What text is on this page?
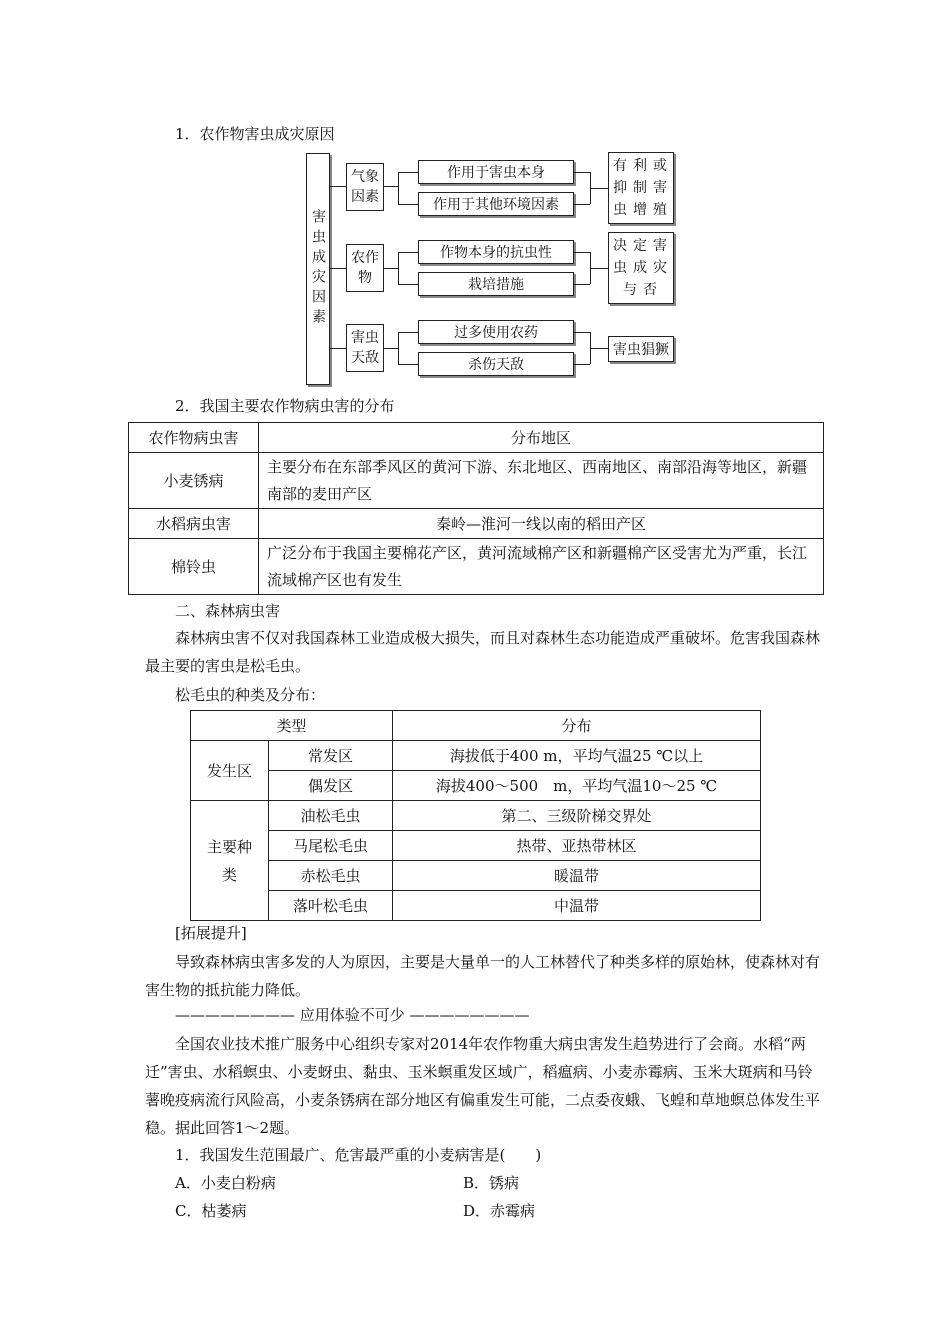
1．农作物害虫成灾原因
害虫成灾因素
气象因素
作用于害虫本身
作用于其他环境因素
有利或抑制害虫增殖
农作物
作物本身的抗虫性
栽培措施
决定害虫成灾与否
害虫天敌
过多使用农药
杀伤天敌
害虫猖獗
2．我国主要农作物病虫害的分布
农作物病虫害	分布地区
小麦锈病	主要分布在东部季风区的黄河下游、东北地区、西南地区、南部沿海等地区，新疆南部的麦田产区
水稻病虫害	秦岭—淮河一线以南的稻田产区
棉铃虫	广泛分布于我国主要棉花产区，黄河流域棉产区和新疆棉产区受害尤为严重，长江流域棉产区也有发生
二、森林病虫害
森林病虫害不仅对我国森林工业造成极大损失，而且对森林生态功能造成严重破坏。危害我国森林最主要的害虫是松毛虫。
松毛虫的种类及分布：
类型		分布
发生区	常发区	海拔低于400 m，平均气温25 ℃以上
	偶发区	海拔400～500　m，平均气温10～25 ℃
主要种类	油松毛虫	第二、三级阶梯交界处
	马尾松毛虫	热带、亚热带林区
	赤松毛虫	暖温带
	落叶松毛虫	中温带
[拓展提升]
导致森林病虫害多发的人为原因，主要是大量单一的人工林替代了种类多样的原始林，使森林对有害生物的抵抗能力降低。
———————— 应用体验不可少 ————————
全国农业技术推广服务中心组织专家对2014年农作物重大病虫害发生趋势进行了会商。水稻“两迁”害虫、水稻螟虫、小麦蚜虫、黏虫、玉米螟重发区域广，稻瘟病、小麦赤霉病、玉米大斑病和马铃薯晚疫病流行风险高，小麦条锈病在部分地区有偏重发生可能，二点委夜蛾、飞蝗和草地螟总体发生平稳。据此回答1～2题。
1．我国发生范围最广、危害最严重的小麦病害是(　　)
A．小麦白粉病	B．锈病
C．枯萎病	D．赤霉病
